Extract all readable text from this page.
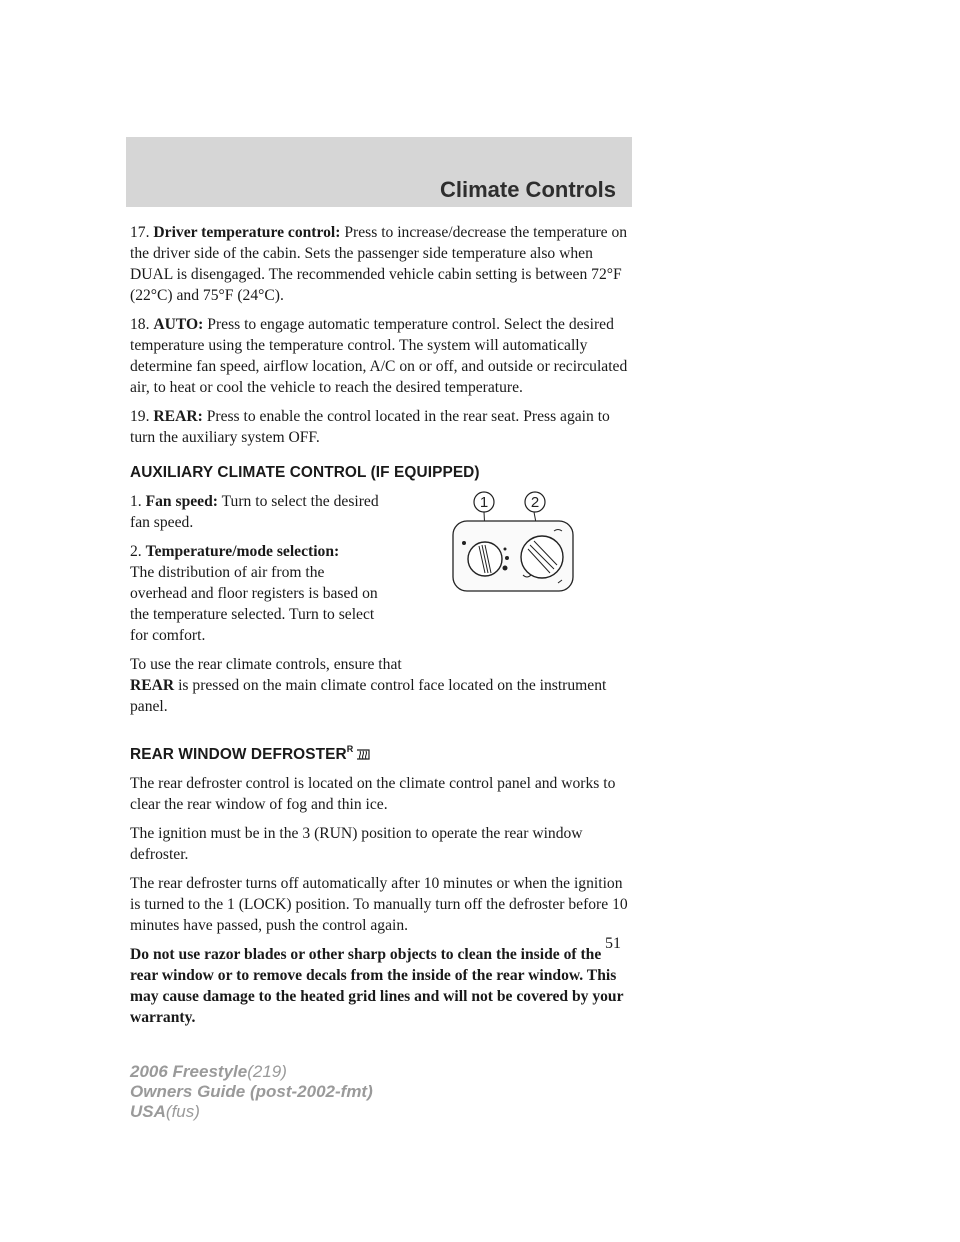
Climate Controls

17. Driver temperature control: Press to increase/decrease the temperature on the driver side of the cabin. Sets the passenger side temperature also when DUAL is disengaged. The recommended vehicle cabin setting is between 72°F (22°C) and 75°F (24°C).

18. AUTO: Press to engage automatic temperature control. Select the desired temperature using the temperature control. The system will automatically determine fan speed, airflow location, A/C on or off, and outside or recirculated air, to heat or cool the vehicle to reach the desired temperature.

19. REAR: Press to enable the control located in the rear seat. Press again to turn the auxiliary system OFF.

AUXILIARY CLIMATE CONTROL (IF EQUIPPED)

1. Fan speed: Turn to select the desired fan speed.

2. Temperature/mode selection:
The distribution of air from the overhead and floor registers is based on the temperature selected. Turn to select for comfort.

1	2

To use the rear climate controls, ensure that
REAR is pressed on the main climate control face located on the instrument panel.

REAR WINDOW $DEFROSTER^R$

The rear defroster control is located on the climate control panel and works to clear the rear window of fog and thin ice.

The ignition must be in the 3 (RUN) position to operate the rear window defroster.

The rear defroster turns off automatically after 10 minutes or when the ignition is turned to the 1 (LOCK) position. To manually turn off the defroster before 10 minutes have passed, push the control again.

Do not use razor blades or other sharp objects to clean the inside of the rear window or to remove decals from the inside of the rear window. This may cause damage to the heated grid lines and will not be covered by your warranty.

51
2006 Freestyle(219)
Owners Guide (post-2002-fmt)
USA(fus)
